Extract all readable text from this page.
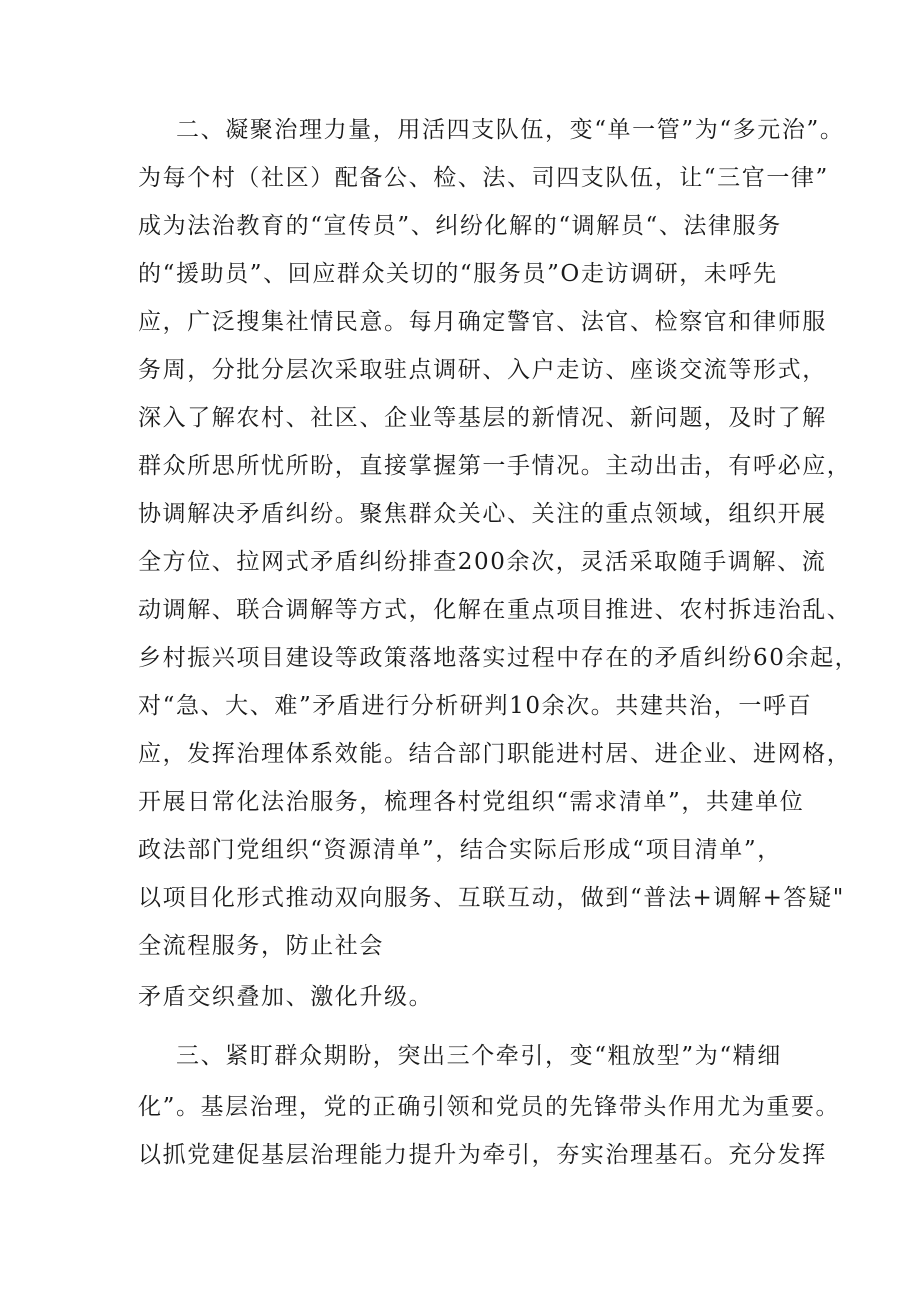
二、凝聚治理力量，用活四支队伍，变“单一管”为“多元治”。
为每个村（社区）配备公、检、法、司四支队伍，让“三官一律”
成为法治教育的“宣传员”、纠纷化解的“调解员“、法律服务
的“援助员”、回应群众关切的“服务员”O走访调研，未呼先
应，广泛搜集社情民意。每月确定警官、法官、检察官和律师服
务周，分批分层次采取驻点调研、入户走访、座谈交流等形式，
深入了解农村、社区、企业等基层的新情况、新问题，及时了解
群众所思所忧所盼，直接掌握第一手情况。主动出击，有呼必应，
协调解决矛盾纠纷。聚焦群众关心、关注的重点领域，组织开展
全方位、拉网式矛盾纠纷排查200余次，灵活采取随手调解、流
动调解、联合调解等方式，化解在重点项目推进、农村拆违治乱、
乡村振兴项目建设等政策落地落实过程中存在的矛盾纠纷60余起，
对“急、大、难”矛盾进行分析研判10余次。共建共治，一呼百
应，发挥治理体系效能。结合部门职能进村居、进企业、进网格，
开展日常化法治服务，梳理各村党组织“需求清单”，共建单位
政法部门党组织“资源清单”，结合实际后形成“项目清单”，
以项目化形式推动双向服务、互联互动，做到“普法+调解+答疑"
全流程服务，防止社会
矛盾交织叠加、激化升级。
三、紧盯群众期盼，突出三个牵引，变“粗放型”为“精细
化”。基层治理，党的正确引领和党员的先锋带头作用尤为重要。
以抓党建促基层治理能力提升为牵引，夯实治理基石。充分发挥
